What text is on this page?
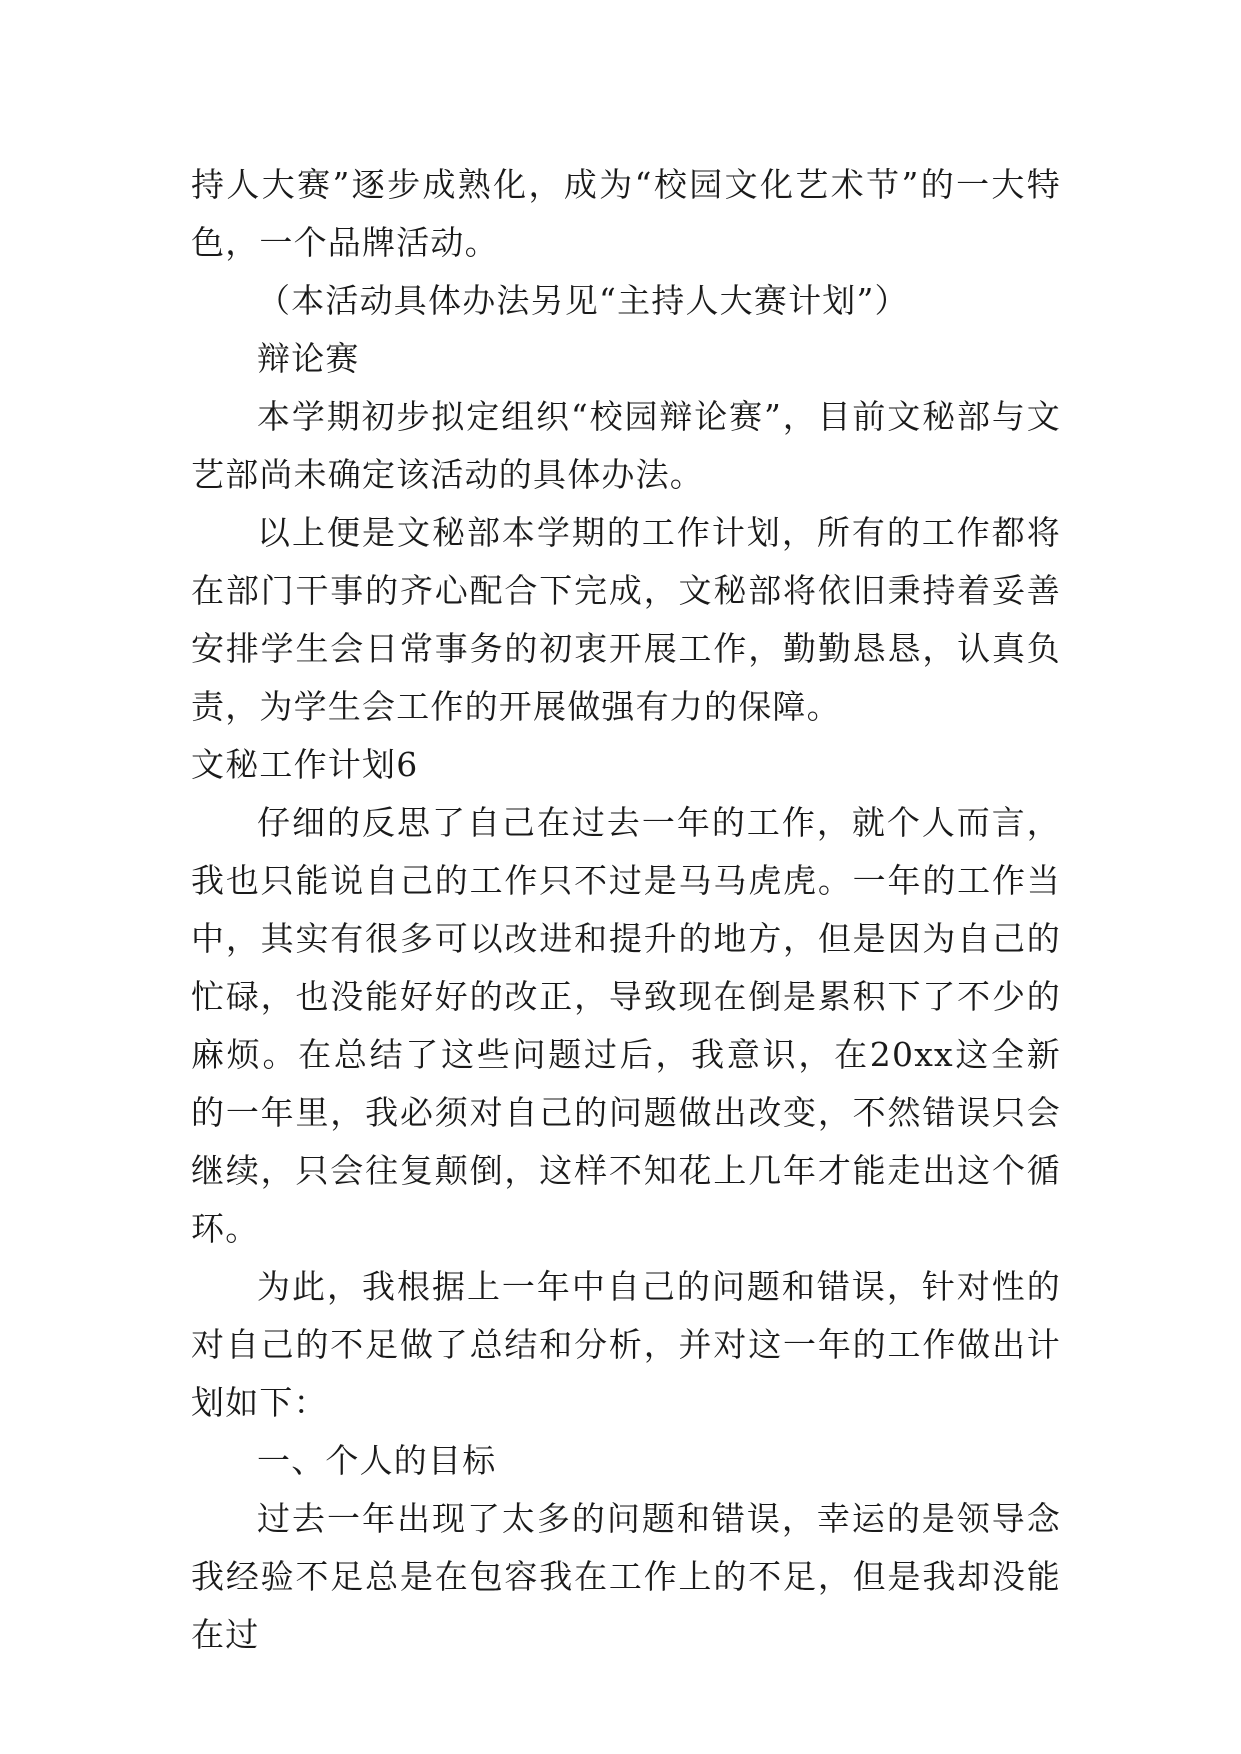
持人大赛”逐步成熟化，成为“校园文化艺术节”的一大特色，一个品牌活动。

（本活动具体办法另见“主持人大赛计划”）

辩论赛

本学期初步拟定组织“校园辩论赛”，目前文秘部与文艺部尚未确定该活动的具体办法。

以上便是文秘部本学期的工作计划，所有的工作都将在部门干事的齐心配合下完成，文秘部将依旧秉持着妥善安排学生会日常事务的初衷开展工作，勤勤恳恳，认真负责，为学生会工作的开展做强有力的保障。

文秘工作计划6

仔细的反思了自己在过去一年的工作，就个人而言，我也只能说自己的工作只不过是马马虎虎。一年的工作当中，其实有很多可以改进和提升的地方，但是因为自己的忙碌，也没能好好的改正，导致现在倒是累积下了不少的麻烦。在总结了这些问题过后，我意识，在20xx这全新的一年里，我必须对自己的问题做出改变，不然错误只会继续，只会往复颠倒，这样不知花上几年才能走出这个循环。

为此，我根据上一年中自己的问题和错误，针对性的对自己的不足做了总结和分析，并对这一年的工作做出计划如下：

一、个人的目标

过去一年出现了太多的问题和错误，幸运的是领导念我经验不足总是在包容我在工作上的不足，但是我却没能在过
